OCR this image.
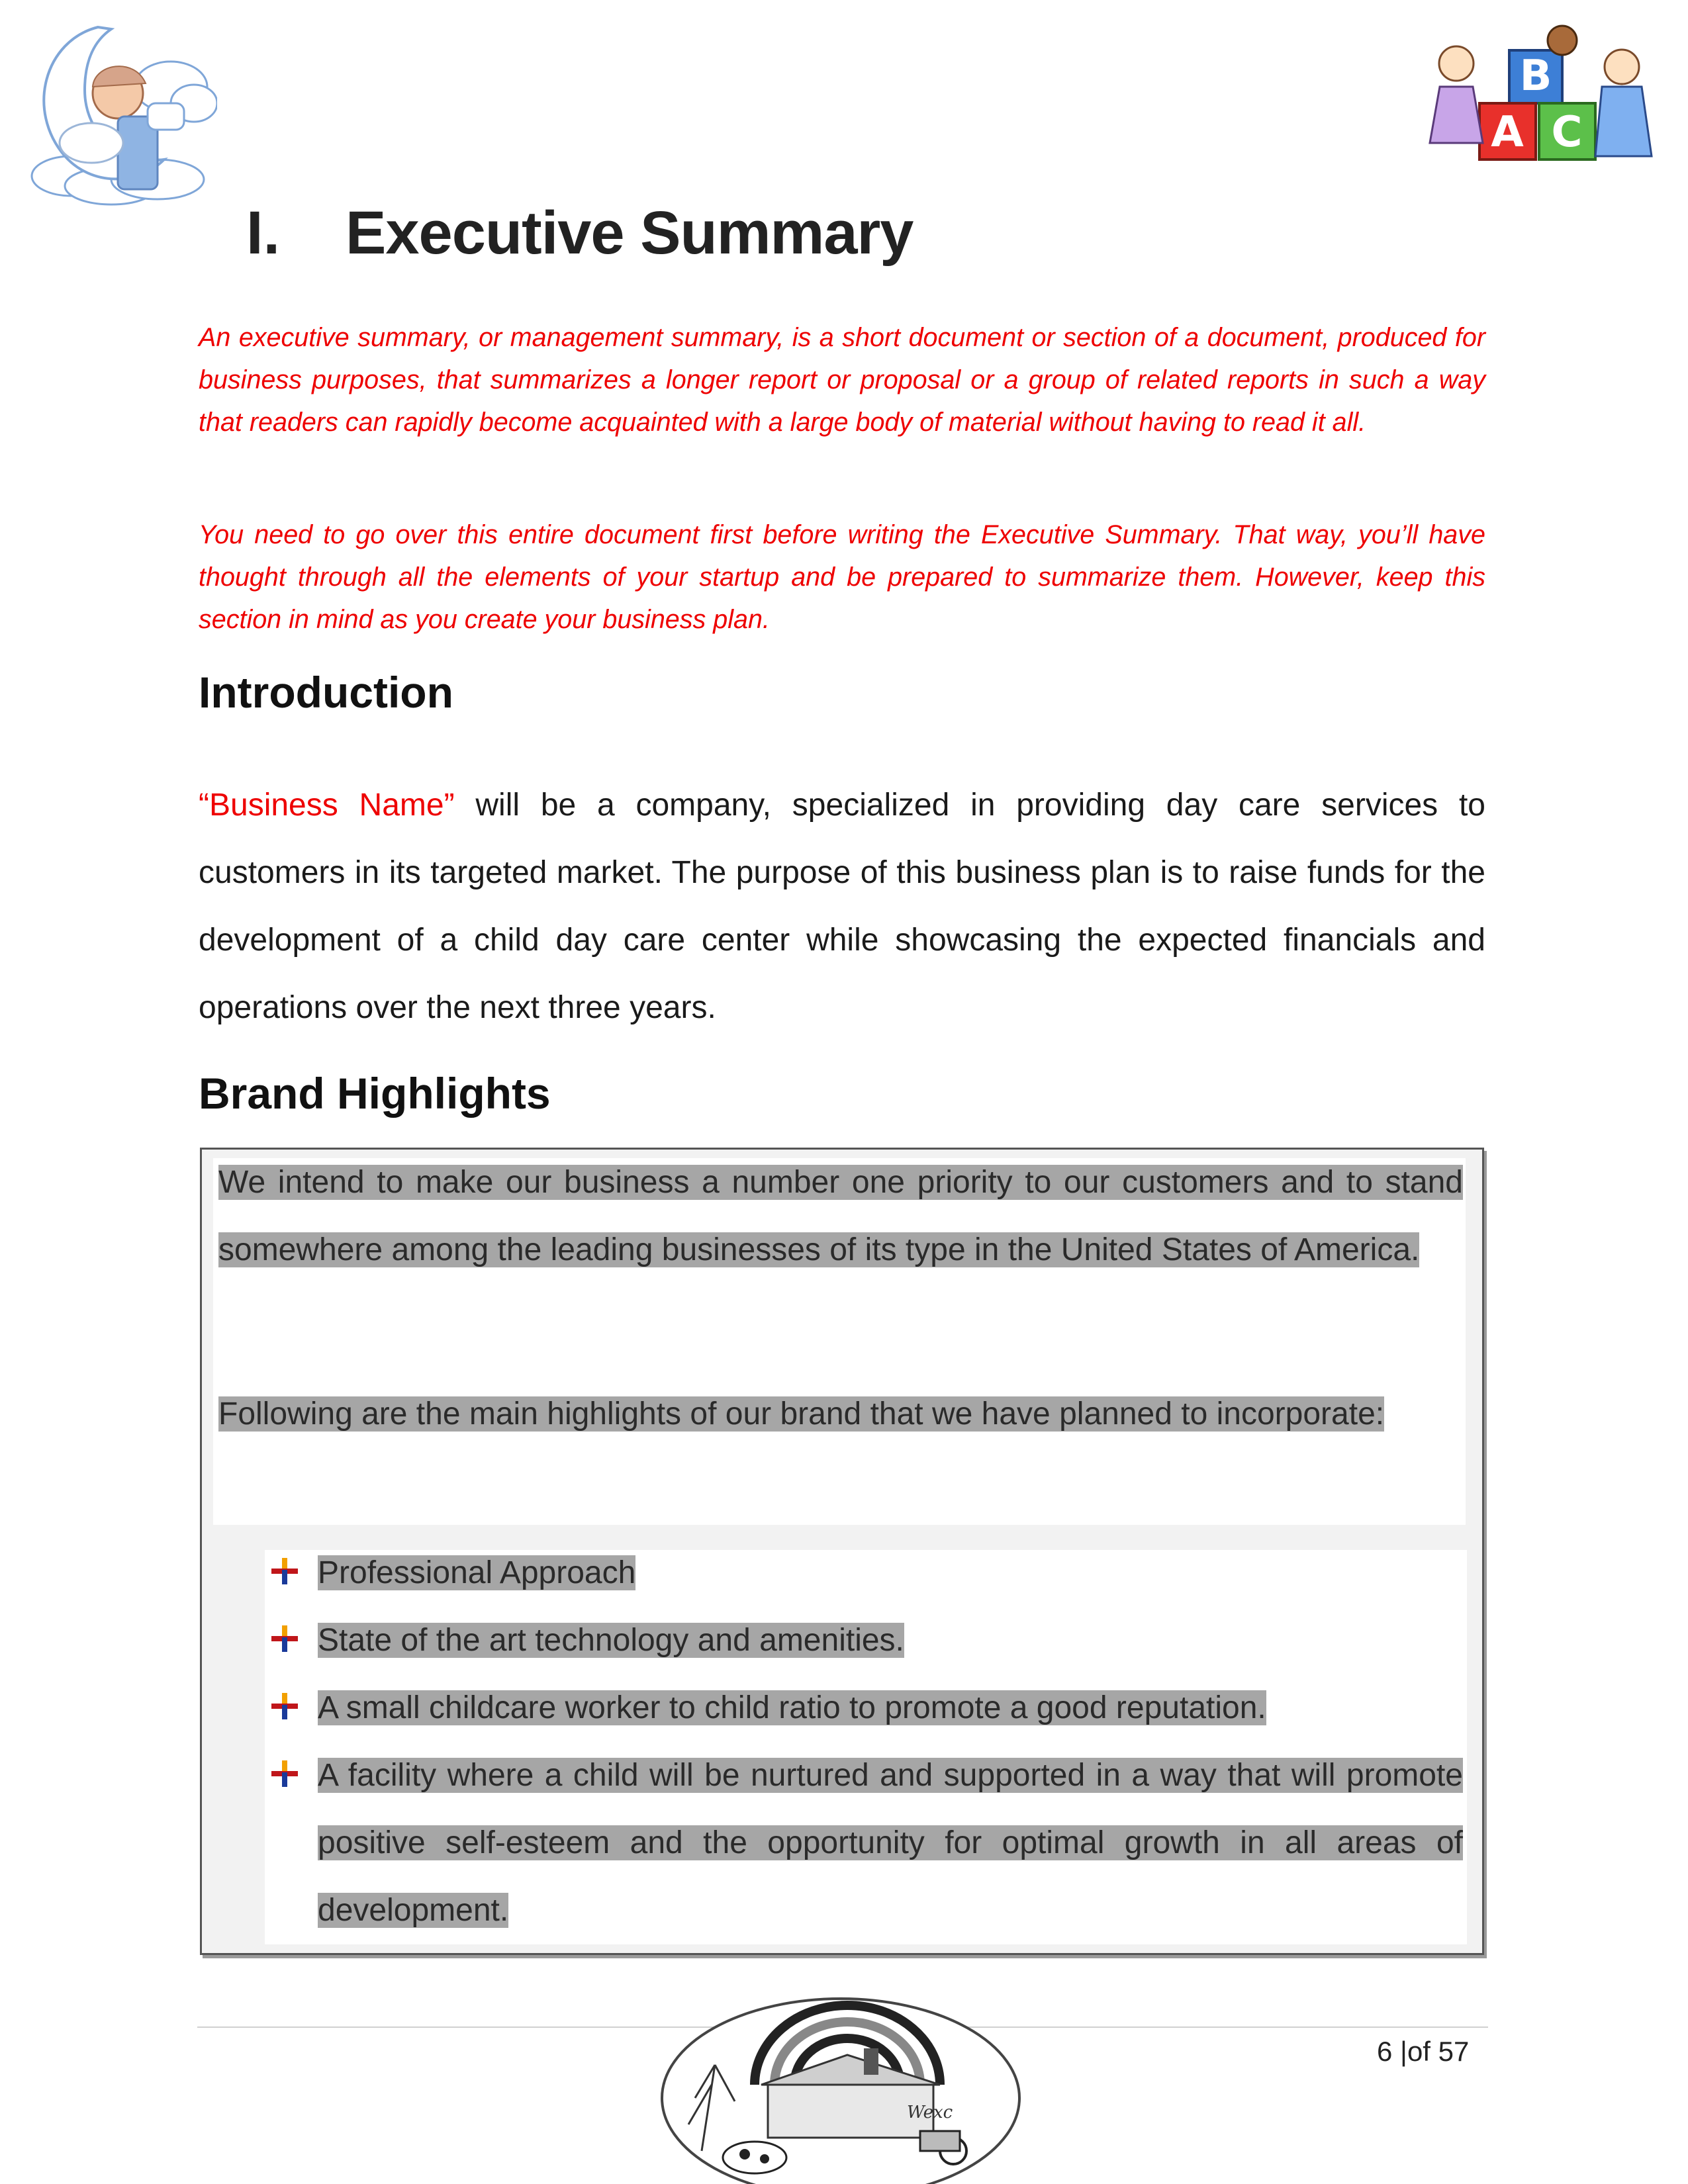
B
A C
I. Executive Summary

An executive summary, or management summary, is a short document or section of a document, produced for business purposes, that summarizes a longer report or proposal or a group of related reports in such a way that readers can rapidly become acquainted with a large body of material without having to read it all.

You need to go over this entire document first before writing the Executive Summary. That way, you’ll have thought through all the elements of your startup and be prepared to summarize them. However, keep this section in mind as you create your business plan.

Introduction

“Business Name” will be a company, specialized in providing day care services to customers in its targeted market. The purpose of this business plan is to raise funds for the development of a child day care center while showcasing the expected financials and operations over the next three years.

Brand Highlights

We intend to make our business a number one priority to our customers and to stand somewhere among the leading businesses of its type in the United States of America.

Following are the main highlights of our brand that we have planned to incorporate:

Professional Approach
State of the art technology and amenities.
A small childcare worker to child ratio to promote a good reputation.
A facility where a child will be nurtured and supported in a way that will promote positive self-esteem and the opportunity for optimal growth in all areas of development.
6 |of 57
Wexc
